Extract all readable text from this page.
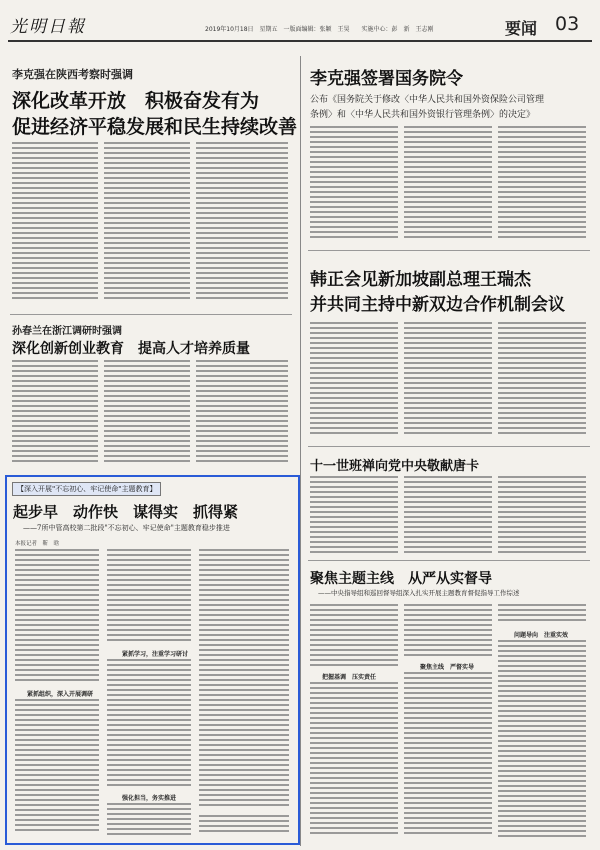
光明日報	2019年10月18日　星期五　一版面编辑：张颖　王昊　　实施中心：彭　新　王志刚	要闻 03
李克强在陕西考察时强调
深化改革开放　积极奋发有为
促进经济平稳发展和民生持续改善
李克强签署国务院令
公布《国务院关于修改〈中华人民共和国外资保险公司管理
条例〉和〈中华人民共和国外资银行管理条例〉的决定》
孙春兰在浙江调研时强调
深化创新创业教育　提高人才培养质量
韩正会见新加坡副总理王瑞杰
并共同主持中新双边合作机制会议
十一世班禅向党中央敬献唐卡
【深入开展"不忘初心、牢记使命"主题教育】
起步早　动作快　谋得实　抓得紧
——7所中管高校第二批段"不忘初心、牢记使命"主题教育稳步推进
本报记者　靳　晗
紧抓组织，深入开展调研
紧抓学习，注重学习研讨
强化担当，务实推进
聚焦主题主线　从严从实督导
——中央指导组和巡回督导组深入扎实开展主题教育督促指导工作综述
把握基调　压实责任
聚焦主线　严督实导
问题导向　注重实效
